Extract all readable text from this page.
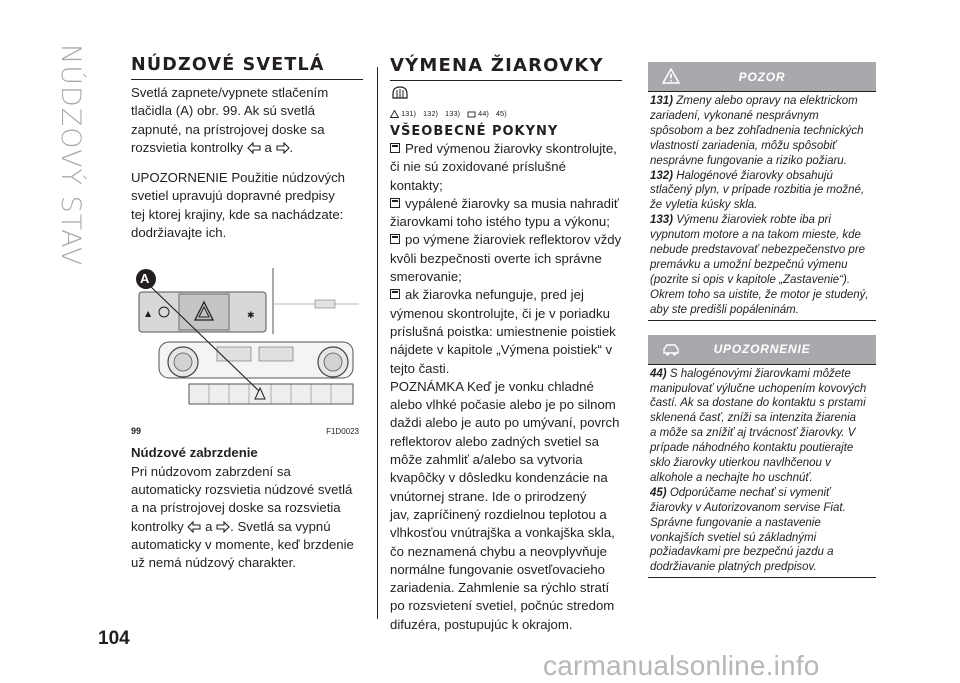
NÚDZOVÝ STAV	NÚDZOVÉ SVETLÁ

Svetlá zapnete/vypnete stlačením
tlačidla (A) obr. 99. Ak sú svetlá
zapnuté, na prístrojovej doske sa
rozsvietia kontrolky a .

UPOZORNENIE Použitie núdzových
svetiel upravujú dopravné predpisy
tej ktorej krajiny, kde sa nachádzate:
dodržiavajte ich.

▲	✱
A
99	F1D0023

Núdzové zabrzdenie

Pri núdzovom zabrzdení sa
automaticky rozsvietia núdzové svetlá
a na prístrojovej doske sa rozsvietia
kontrolky a . Svetlá sa vypnú
automaticky v momente, keď brzdenie
už nemá núdzový charakter.

VÝMENA ŽIAROVKY
131) 132) 133) 44) 45)
VŠEOBECNÉ POKYNY
Pred výmenou žiarovky skontrolujte,
či nie sú zoxidované príslušné kontakty;
vypálené žiarovky sa musia nahradiť
žiarovkami toho istého typu a výkonu;
po výmene žiaroviek reflektorov vždy
kvôli bezpečnosti overte ich správne
smerovanie;
ak žiarovka nefunguje, pred jej
výmenou skontrolujte, či je v poriadku
príslušná poistka: umiestnenie poistiek
nájdete v kapitole „Výmena poistiek“ v
tejto časti.
POZNÁMKA Keď je vonku chladné
alebo vlhké počasie alebo je po silnom
daždi alebo je auto po umývaní, povrch
reflektorov alebo zadných svetiel sa
môže zahmliť a/alebo sa vytvoria
kvapôčky v dôsledku kondenzácie na
vnútornej strane. Ide o prirodzený
jav, zapríčinený rozdielnou teplotou a
vlhkosťou vnútrajška a vonkajška skla,
čo neznamená chybu a neovplyvňuje
normálne fungovanie osvetľovacieho
zariadenia. Zahmlenie sa rýchlo stratí
po rozsvietení svetiel, počnúc stredom
difuzéra, postupujúc k okrajom.
POZOR

131) Zmeny alebo opravy na elektrickom
zariadení, vykonané nesprávnym
spôsobom a bez zohľadnenia technických
vlastností zariadenia, môžu spôsobiť
nesprávne fungovanie a riziko požiaru.

132) Halogénové žiarovky obsahujú
stlačený plyn, v prípade rozbitia je možné,
že vyletia kúsky skla.

133) Výmenu žiaroviek robte iba pri
vypnutom motore a na takom mieste, kde
nebude predstavovať nebezpečenstvo pre
premávku a umožní bezpečnú výmenu
(pozrite si opis v kapitole „Zastavenie“).
Okrem toho sa uistite, že motor je studený,
aby ste predišli popáleninám.

UPOZORNENIE

44) S halogénovými žiarovkami môžete
manipulovať výlučne uchopením kovových
častí. Ak sa dostane do kontaktu s prstami
sklenená časť, zníži sa intenzita žiarenia
a môže sa znížiť aj trvácnosť žiarovky. V
prípade náhodného kontaktu poutierajte
sklo žiarovky utierkou navlhčenou v
alkohole a nechajte ho uschnúť.

45) Odporúčame nechať si vymeniť
žiarovky v Autorizovanom servise Fiat.
Správne fungovanie a nastavenie
vonkajších svetiel sú základnými
požiadavkami pre bezpečnú jazdu a
dodržiavanie platných predpisov.

104
carmanualsonline.info
